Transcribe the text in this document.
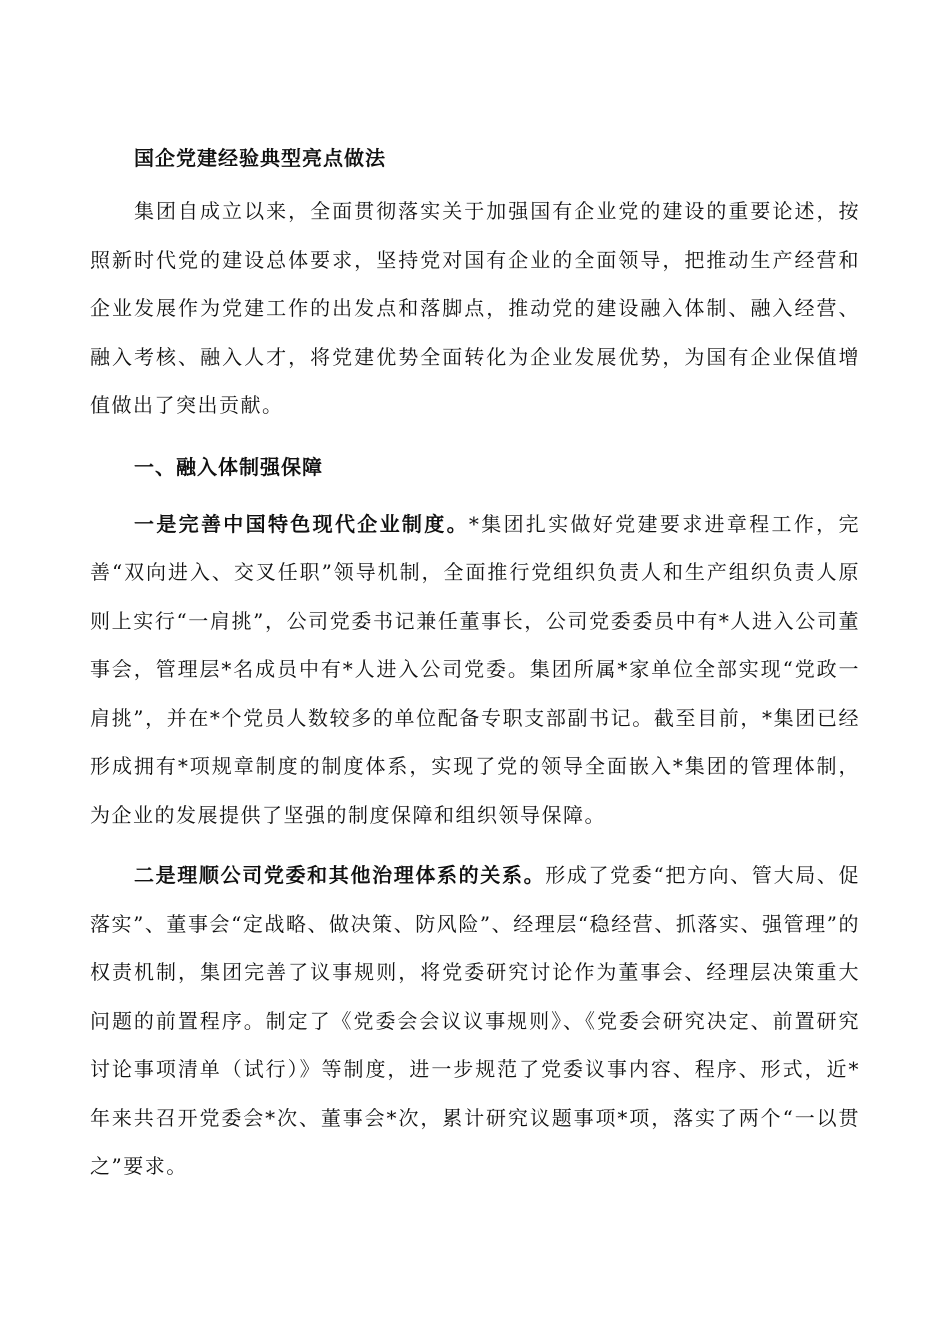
国企党建经验典型亮点做法

集团自成立以来，全面贯彻落实关于加强国有企业党的建设的重要论述，按照新时代党的建设总体要求，坚持党对国有企业的全面领导，把推动生产经营和企业发展作为党建工作的出发点和落脚点，推动党的建设融入体制、融入经营、融入考核、融入人才，将党建优势全面转化为企业发展优势，为国有企业保值增值做出了突出贡献。

一、融入体制强保障

一是完善中国特色现代企业制度。*集团扎实做好党建要求进章程工作，完善“双向进入、交叉任职”领导机制，全面推行党组织负责人和生产组织负责人原则上实行“一肩挑”，公司党委书记兼任董事长，公司党委委员中有*人进入公司董事会，管理层*名成员中有*人进入公司党委。集团所属*家单位全部实现“党政一肩挑”，并在*个党员人数较多的单位配备专职支部副书记。截至目前，*集团已经形成拥有*项规章制度的制度体系，实现了党的领导全面嵌入*集团的管理体制，为企业的发展提供了坚强的制度保障和组织领导保障。

二是理顺公司党委和其他治理体系的关系。形成了党委“把方向、管大局、促落实”、董事会“定战略、做决策、防风险”、经理层“稳经营、抓落实、强管理”的权责机制，集团完善了议事规则，将党委研究讨论作为董事会、经理层决策重大问题的前置程序。制定了《党委会会议议事规则》、《党委会研究决定、前置研究讨论事项清单（试行）》等制度，进一步规范了党委议事内容、程序、形式，近*年来共召开党委会*次、董事会*次，累计研究议题事项*项，落实了两个“一以贯之”要求。
